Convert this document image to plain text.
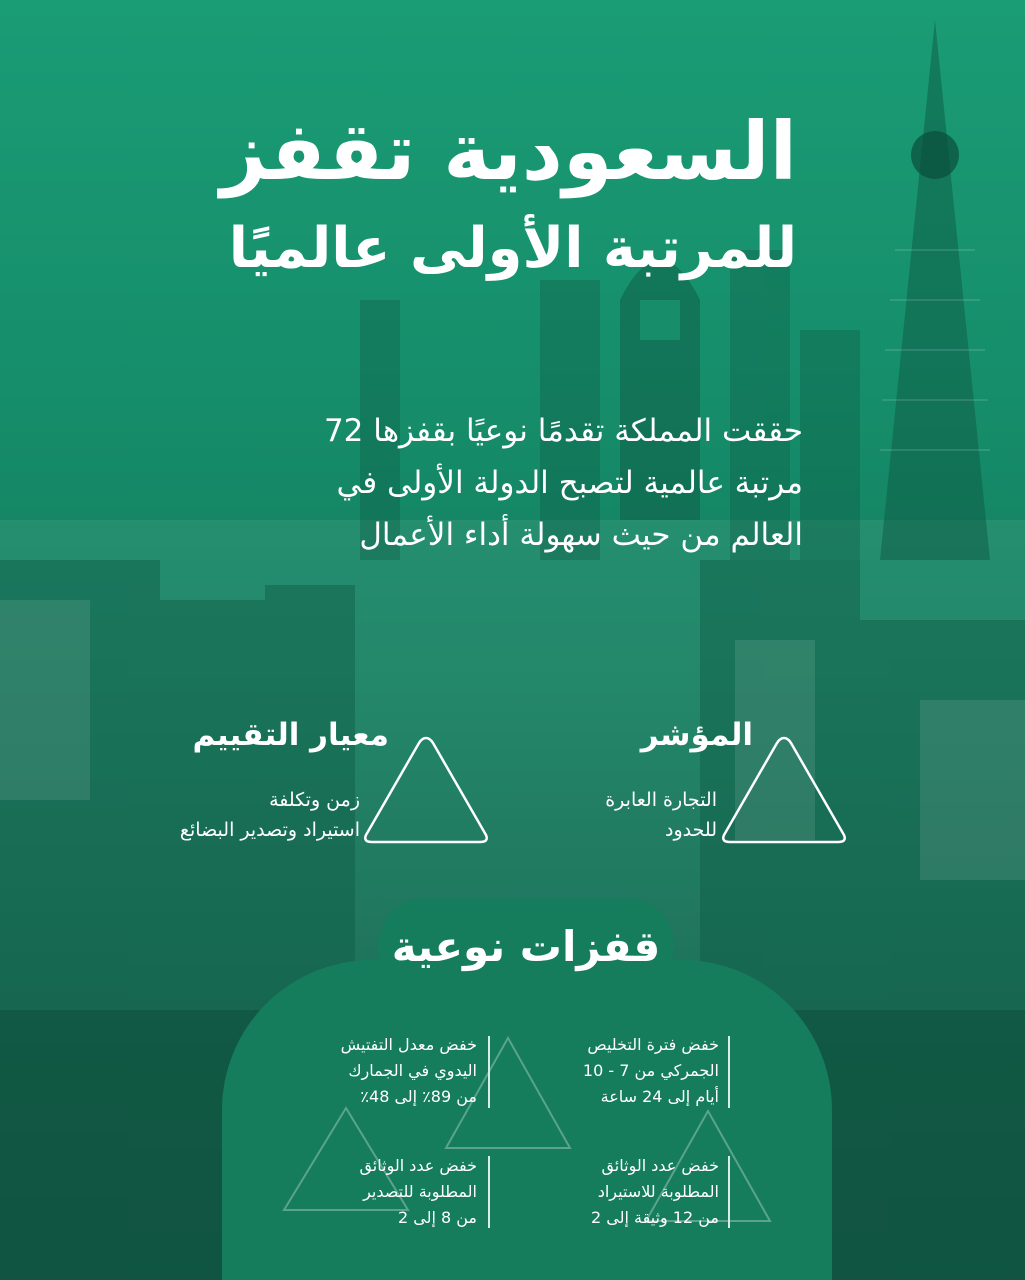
السعودية تقفز
للمرتبة الأولى عالميًا

حققت المملكة تقدمًا نوعيًا بقفزها 72 مرتبة عالمية لتصبح الدولة الأولى في العالم من حيث سهولة أداء الأعمال

المؤشر

التجارة العابرة

للحدود

معيار التقييم

زمن وتكلفة

استيراد وتصدير البضائع

قفزات نوعية

خفض فترة التخليص

الجمركي من 7 - 10

أيام إلى 24 ساعة

خفض معدل التفتيش

اليدوي في الجمارك

من 89٪ إلى 48٪

خفض عدد الوثائق

المطلوبة للاستيراد

من 12 وثيقة إلى 2

خفض عدد الوثائق

المطلوبة للتصدير

من 8 إلى 2
